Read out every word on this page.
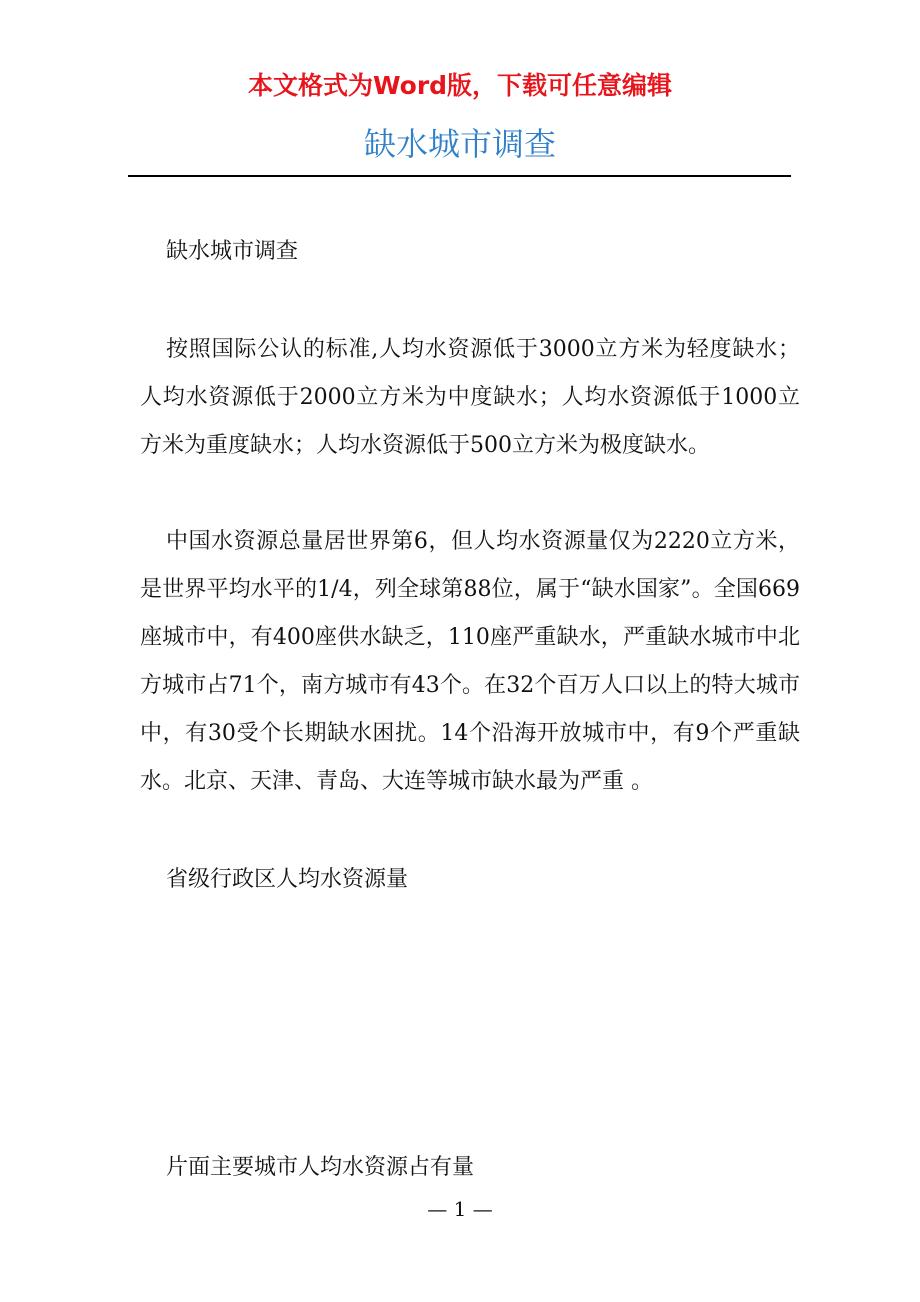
本文格式为Word版，下载可任意编辑
缺水城市调查

缺水城市调查

按照国际公认的标准,人均水资源低于3000立方米为轻度缺水；人均水资源低于2000立方米为中度缺水；人均水资源低于1000立方米为重度缺水；人均水资源低于500立方米为极度缺水。

中国水资源总量居世界第6，但人均水资源量仅为2220立方米，是世界平均水平的1/4，列全球第88位，属于“缺水国家”。全国669座城市中，有400座供水缺乏，110座严重缺水，严重缺水城市中北方城市占71个，南方城市有43个。在32个百万人口以上的特大城市中，有30受个长期缺水困扰。14个沿海开放城市中，有9个严重缺水。北京、天津、青岛、大连等城市缺水最为严重 。

省级行政区人均水资源量

片面主要城市人均水资源占有量

— 1 —
